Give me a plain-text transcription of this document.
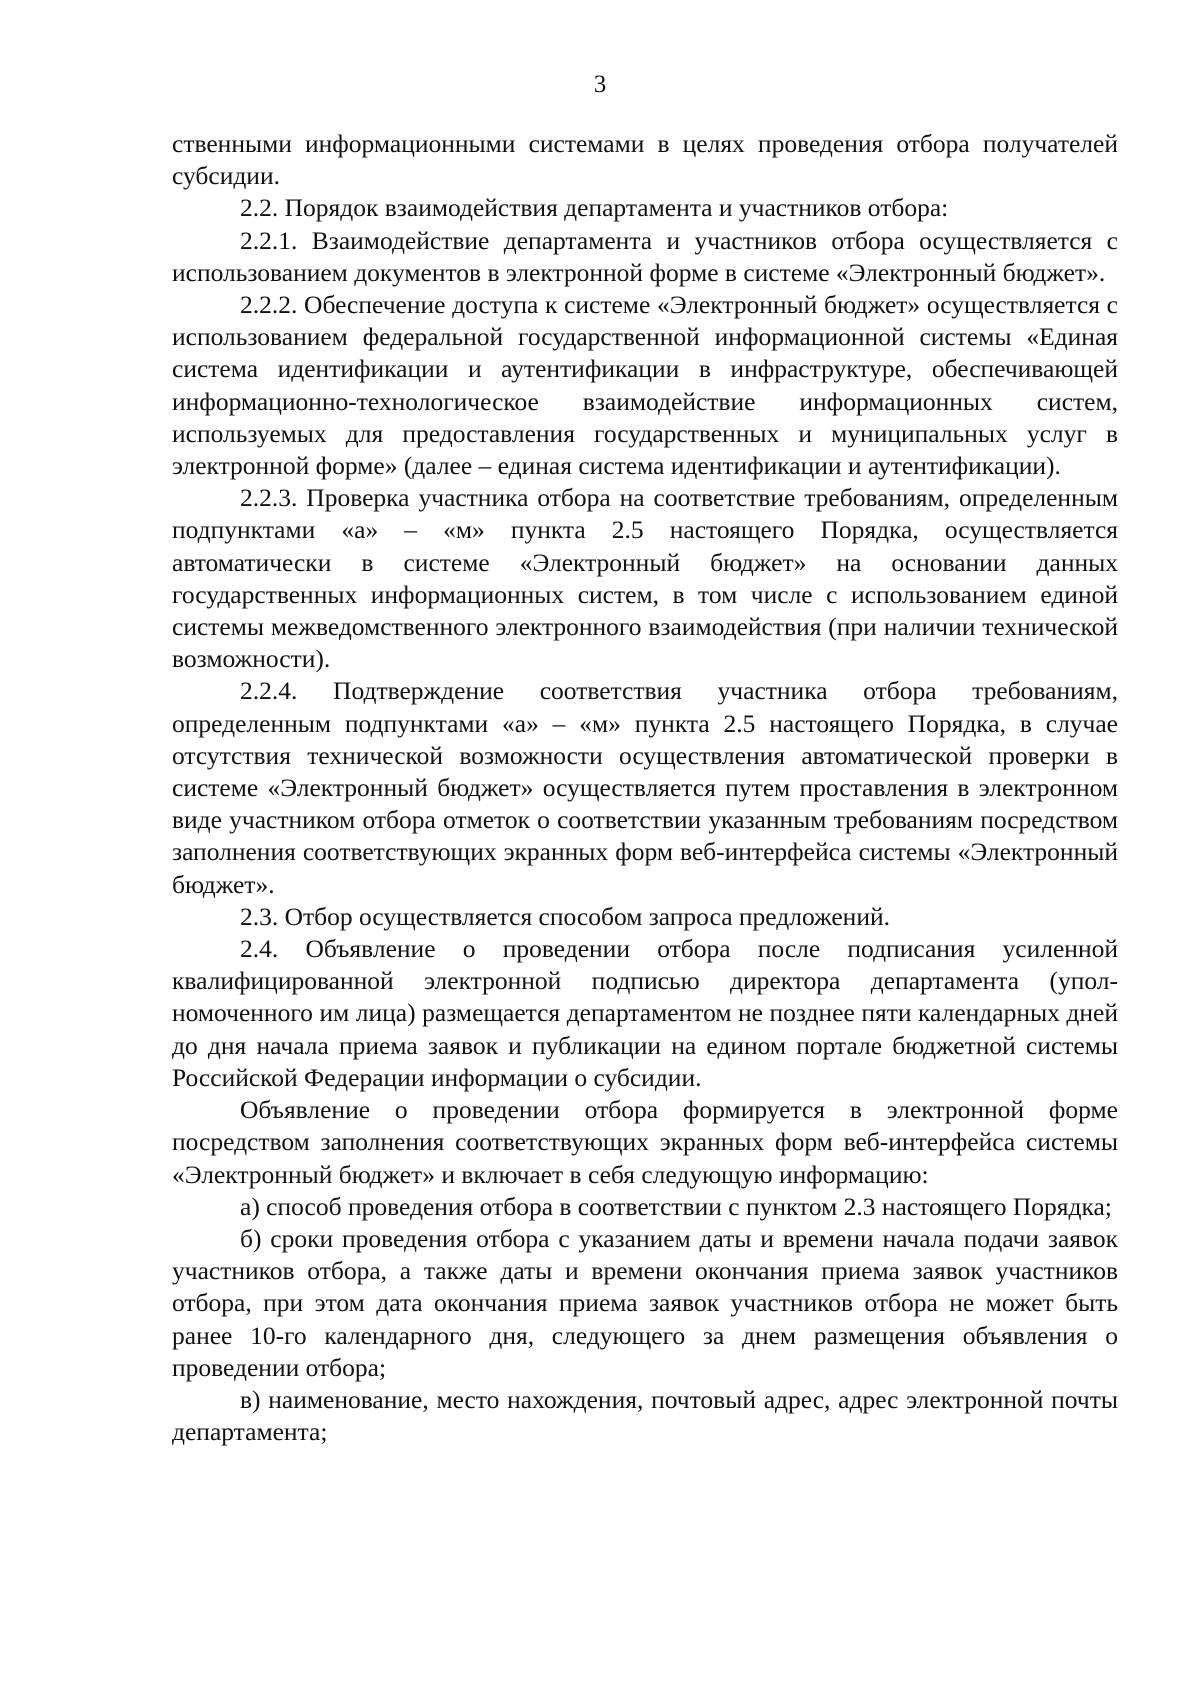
3

ственными информационными системами в целях проведения отбора получателей субсидии.

2.2. Порядок взаимодействия департамента и участников отбора:

2.2.1. Взаимодействие департамента и участников отбора осуществляется с использованием документов в электронной форме в системе «Электронный бюджет».

2.2.2. Обеспечение доступа к системе «Электронный бюджет» осуществляется с использованием федеральной государственной информационной системы «Единая система идентификации и аутентификации в инфраструктуре, обеспечивающей информационно-технологическое взаимодействие информационных систем, используемых для предоставления государственных и муниципальных услуг в электронной форме» (далее – единая система идентификации и аутентификации).

2.2.3. Проверка участника отбора на соответствие требованиям, определенным подпунктами «а» – «м» пункта 2.5 настоящего Порядка, осуществляется автоматически в системе «Электронный бюджет» на основании данных государственных информационных систем, в том числе с использованием единой системы межведомственного электронного взаимодействия (при наличии технической возможности).

2.2.4. Подтверждение соответствия участника отбора требованиям, определенным подпунктами «а» – «м» пункта 2.5 настоящего Порядка, в случае отсутствия технической возможности осуществления автоматической проверки в системе «Электронный бюджет» осуществляется путем проставления в электронном виде участником отбора отметок о соответствии указанным требованиям посредством заполнения соответствующих экранных форм веб-интерфейса системы «Электронный бюджет».

2.3. Отбор осуществляется способом запроса предложений.

2.4. Объявление о проведении отбора после подписания усиленной квалифицированной электронной подписью директора департамента (уполномоченного им лица) размещается департаментом не позднее пяти календарных дней до дня начала приема заявок и публикации на едином портале бюджетной системы Российской Федерации информации о субсидии.

Объявление о проведении отбора формируется в электронной форме посредством заполнения соответствующих экранных форм веб-интерфейса системы «Электронный бюджет» и включает в себя следующую информацию:

а) способ проведения отбора в соответствии с пунктом 2.3 настоящего Порядка;

б) сроки проведения отбора с указанием даты и времени начала подачи заявок участников отбора, а также даты и времени окончания приема заявок участников отбора, при этом дата окончания приема заявок участников отбора не может быть ранее 10-го календарного дня, следующего за днем размещения объявления о проведении отбора;

в) наименование, место нахождения, почтовый адрес, адрес электронной почты департамента;
